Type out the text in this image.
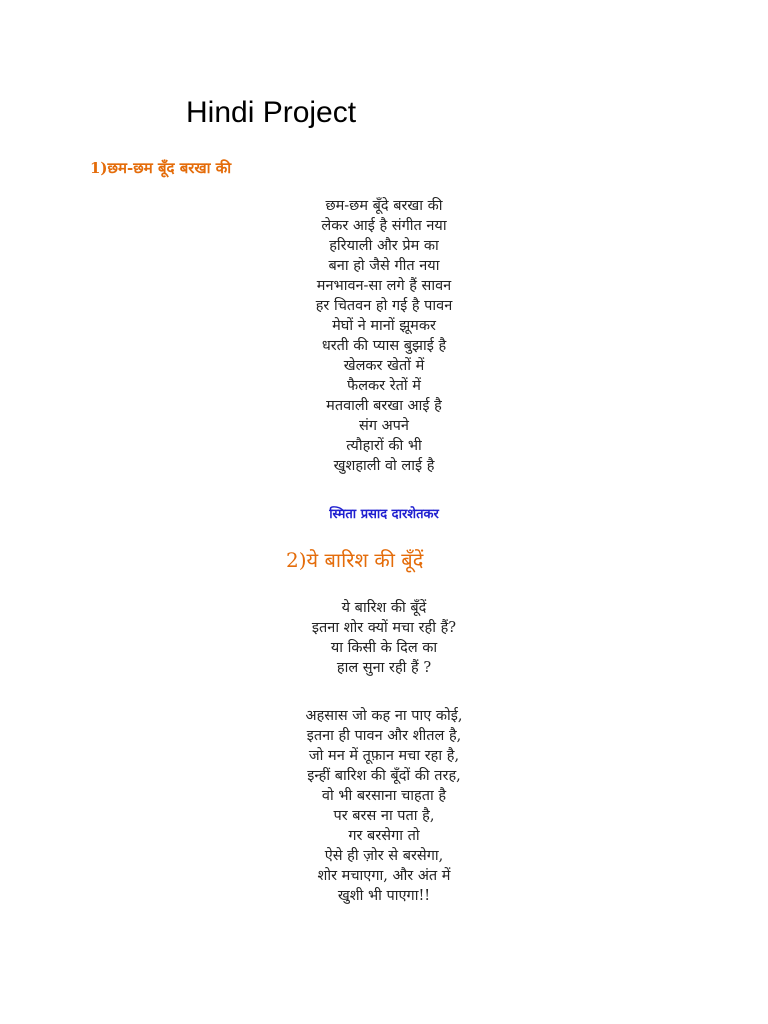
Hindi Project
1)छम-छम बूँद बरखा की
छम-छम बूँदे बरखा की
लेकर आई है संगीत नया
हरियाली और प्रेम का
बना हो जैसे गीत नया
मनभावन-सा लगे हैं सावन
हर चितवन हो गई है पावन
मेघों ने मानों झूमकर
धरती की प्यास बुझाई है
खेलकर खेतों में
फैलकर रेतों में
मतवाली बरखा आई है
संग अपने
त्यौहारों की भी
खुशहाली वो लाई है
स्मिता प्रसाद दारशेतकर
2)ये बारिश की बूँदें
ये बारिश की बूँदें
इतना शोर क्यों मचा रही हैं?
या किसी के दिल का
हाल सुना रही हैं ?
अहसास जो कह ना पाए कोई,
इतना ही पावन और शीतल है,
जो मन में तूफ़ान मचा रहा है,
इन्हीं बारिश की बूँदों की तरह,
वो भी बरसाना चाहता है
पर बरस ना पता है,
गर बरसेगा तो
ऐसे ही ज़ोर से बरसेगा,
शोर मचाएगा, और अंत में
खुशी भी पाएगा!!
